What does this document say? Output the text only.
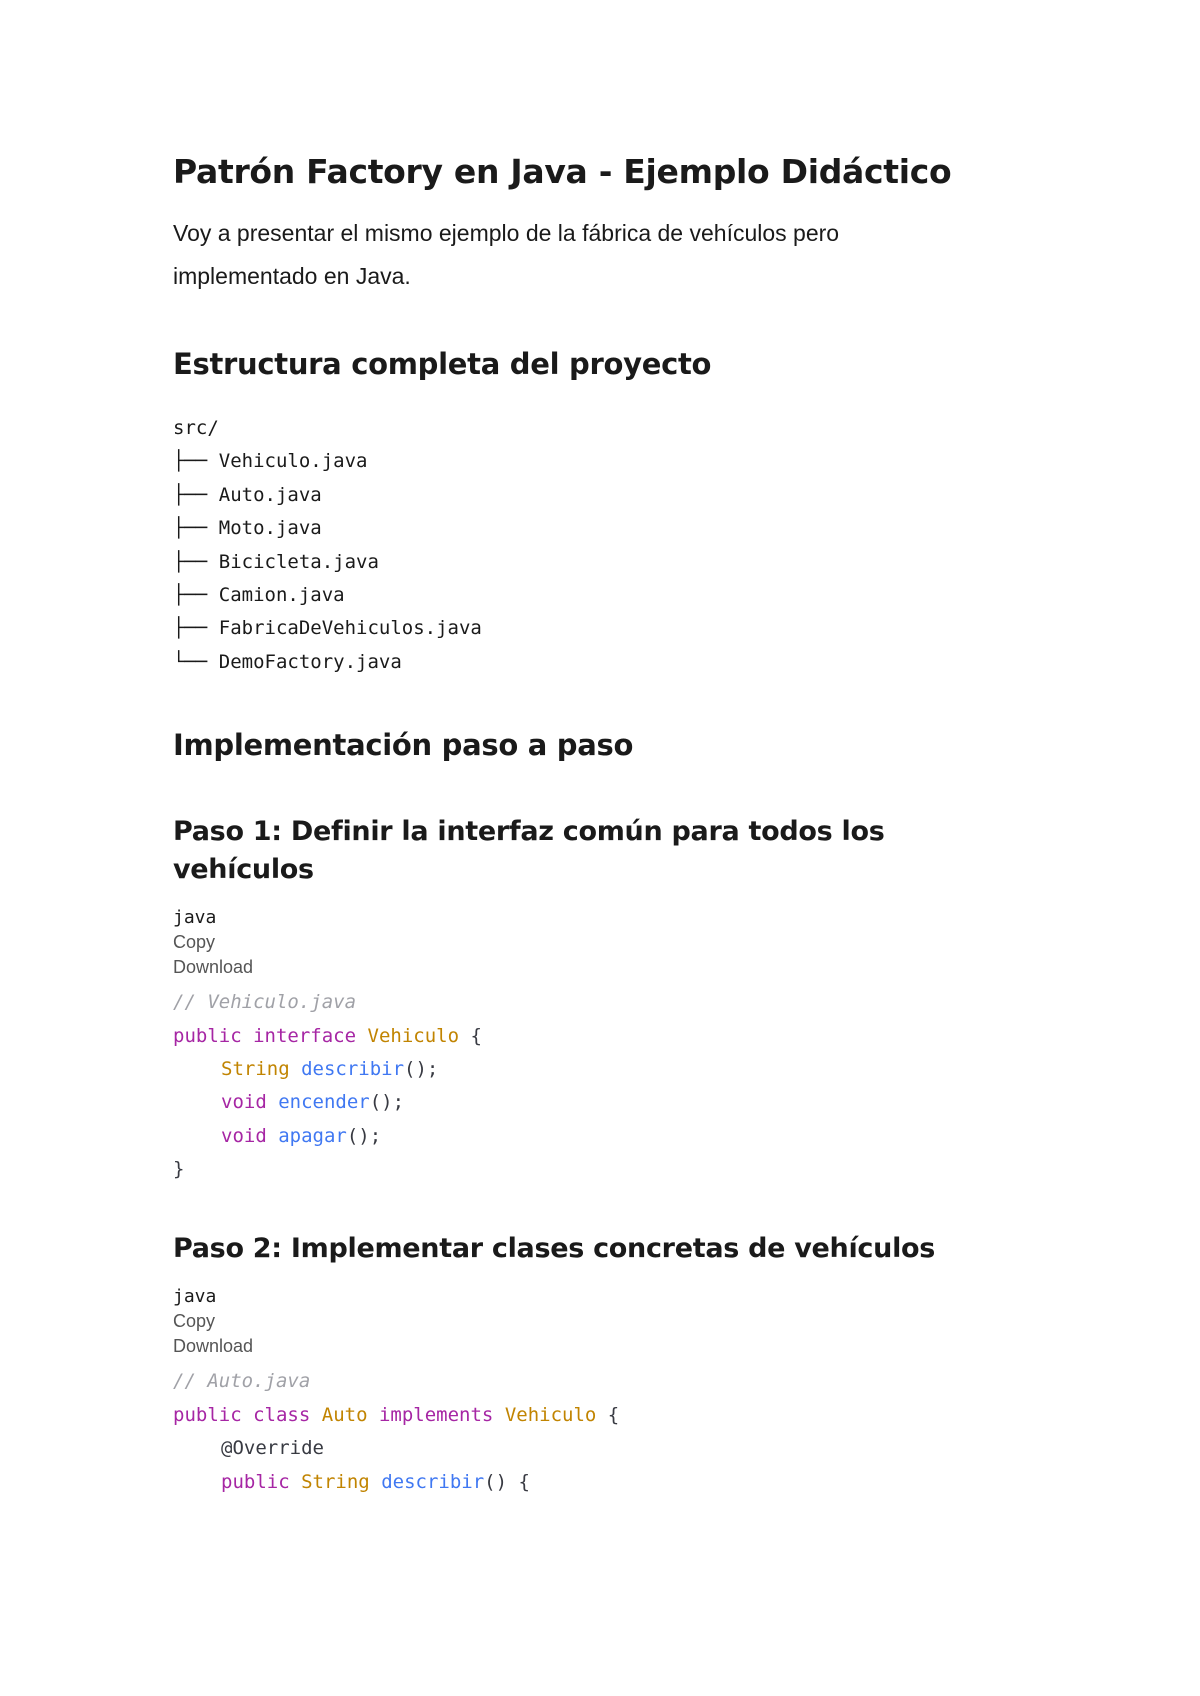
Patrón Factory en Java - Ejemplo Didáctico

Voy a presentar el mismo ejemplo de la fábrica de vehículos pero implementado en Java.

Estructura completa del proyecto
src/
├── Vehiculo.java
├── Auto.java
├── Moto.java
├── Bicicleta.java
├── Camion.java
├── FabricaDeVehiculos.java
└── DemoFactory.java
Implementación paso a paso
Paso 1: Definir la interfaz común para todos los vehículos
java
Copy
Download
// Vehiculo.java
public interface Vehiculo {
String describir();
void encender();
void apagar();
}
Paso 2: Implementar clases concretas de vehículos
java
Copy
Download
// Auto.java
public class Auto implements Vehiculo {
@Override
public String describir() {
